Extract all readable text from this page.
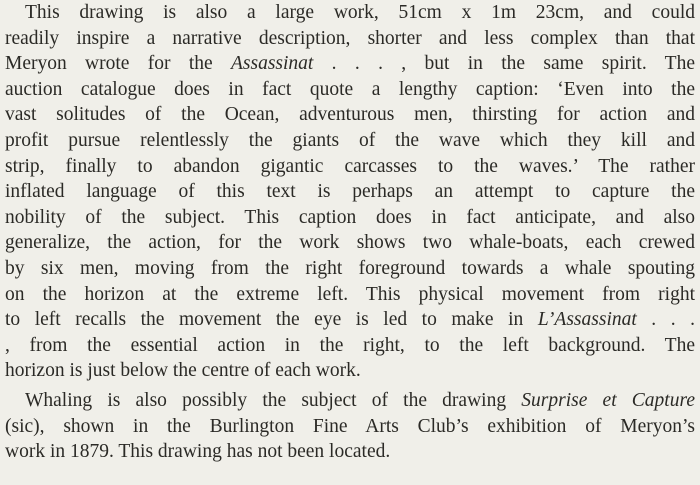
This drawing is also a large work, 51cm x 1m 23cm, and could
readily inspire a narrative description, shorter and less complex than that
Meryon wrote for the Assassinat . . . , but in the same spirit. The
auction catalogue does in fact quote a lengthy caption: ‘Even into the
vast solitudes of the Ocean, adventurous men, thirsting for action and
profit pursue relentlessly the giants of the wave which they kill and
strip, finally to abandon gigantic carcasses to the waves.’ The rather
inflated language of this text is perhaps an attempt to capture the
nobility of the subject. This caption does in fact anticipate, and also
generalize, the action, for the work shows two whale-boats, each crewed
by six men, moving from the right foreground towards a whale spouting
on the horizon at the extreme left. This physical movement from right
to left recalls the movement the eye is led to make in L’Assassinat . . .
, from the essential action in the right, to the left background. The
horizon is just below the centre of each work.

Whaling is also possibly the subject of the drawing Surprise et Capture
(sic), shown in the Burlington Fine Arts Club’s exhibition of Meryon’s
work in 1879. This drawing has not been located.
